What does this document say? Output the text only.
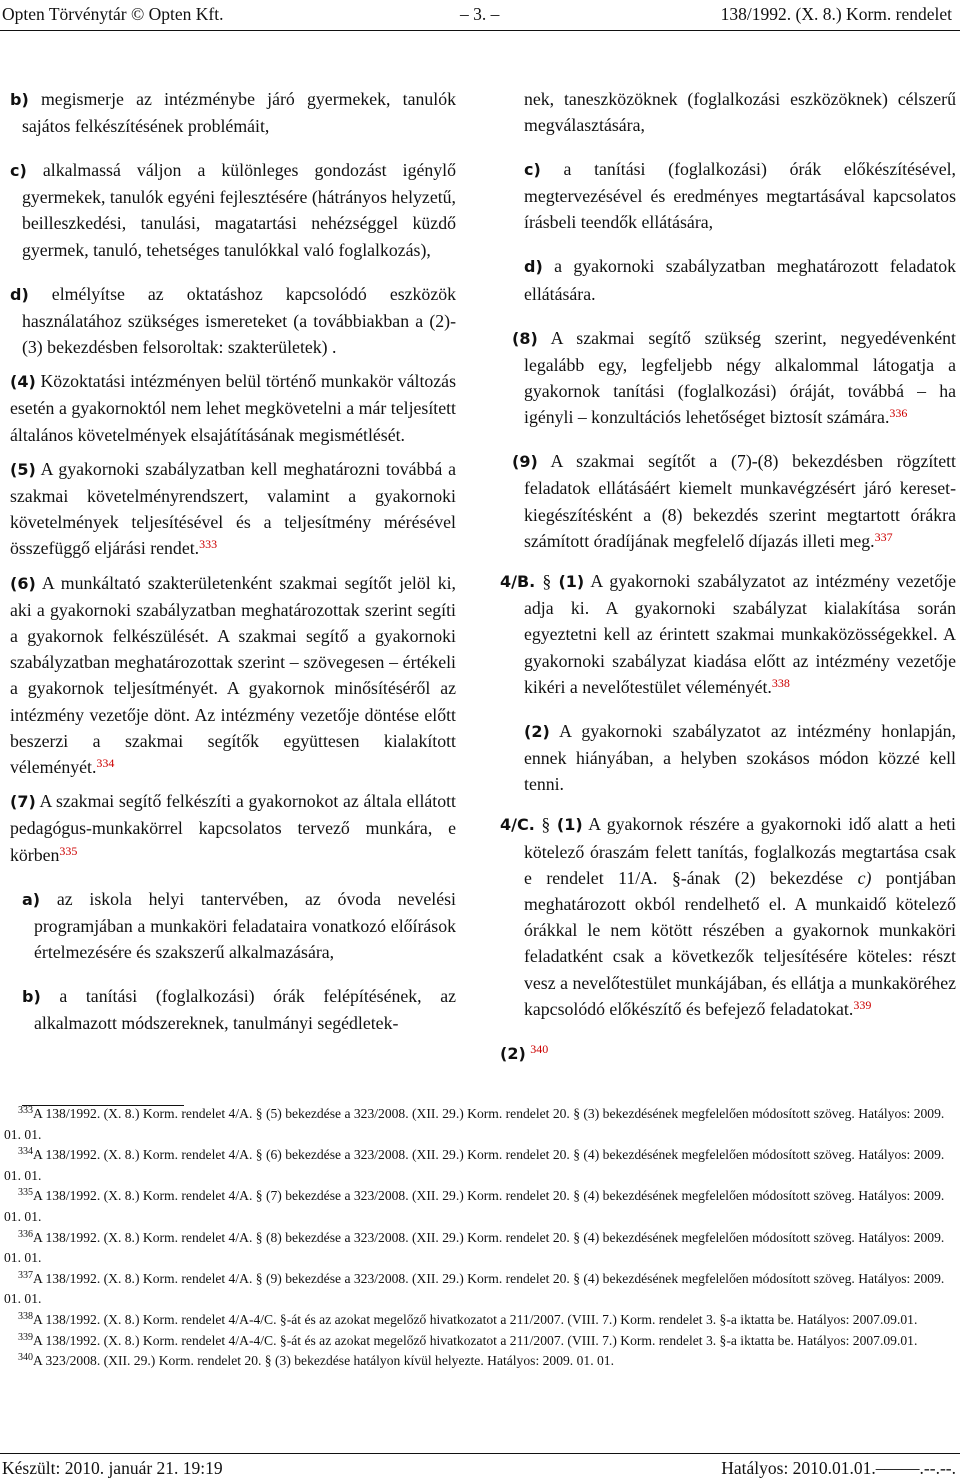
Opten Törvénytár © Opten Kft.	– 3. –	138/1992. (X. 8.) Korm. rendelet

b) megismerje az intézménybe járó gyermekek, tanulók sajátos felkészítésének problémáit,

c) alkalmassá váljon a különleges gondozást igénylő gyermekek, tanulók egyéni fejlesztésére (hátrányos helyzetű, beilleszkedési, tanulási, magatartási nehézséggel küzdő gyermek, tanuló, tehetséges tanulókkal való foglalkozás),

d) elmélyítse az oktatáshoz kapcsolódó eszközök használatához szükséges ismereteket (a továbbiakban a (2)-(3) bekezdésben felsoroltak: szakterületek) .

(4) Közoktatási intézményen belül történő munkakör változás esetén a gyakornoktól nem lehet megkövetelni a már teljesített általános követelmények elsajátításának megismétlését.

(5) A gyakornoki szabályzatban kell meghatározni továbbá a szakmai követelményrendszert, valamint a gyakornoki követelmények teljesítésével és a teljesítmény mérésével összefüggő eljárási rendet.$^{333}$

(6) A munkáltató szakterületenként szakmai segítőt jelöl ki, aki a gyakornoki szabályzatban meghatározottak szerint segíti a gyakornok felkészülését. A szakmai segítő a gyakornoki szabályzatban meghatározottak szerint – szövegesen – értékeli a gyakornok teljesítményét. A gyakornok minősítéséről az intézmény vezetője dönt. Az intézmény vezetője döntése előtt beszerzi a szakmai segítők együttesen kialakított véleményét.$^{334}$

(7) A szakmai segítő felkészíti a gyakornokot az általa ellátott pedagógus-munkakörrel kapcsolatos tervező munkára, e körben$^{335}$

a) az iskola helyi tantervében, az óvoda nevelési programjában a munkaköri feladataira vonatkozó előírások értelmezésére és szakszerű alkalmazására,

b) a tanítási (foglalkozási) órák felépítésének, az alkalmazott módszereknek, tanulmányi segédletek-

nek, taneszközöknek (foglalkozási eszközöknek) célszerű megválasztására,

c) a tanítási (foglalkozási) órák előkészítésével, megtervezésével és eredményes megtartásával kapcsolatos írásbeli teendők ellátására,

d) a gyakornoki szabályzatban meghatározott feladatok ellátására.

(8) A szakmai segítő szükség szerint, negyedévenként legalább egy, legfeljebb négy alkalommal látogatja a gyakornok tanítási (foglalkozási) óráját, továbbá – ha igényli – konzultációs lehetőséget biztosít számára.$^{336}$

(9) A szakmai segítőt a (7)-(8) bekezdésben rögzített feladatok ellátásáért kiemelt munkavégzésért járó kereset-kiegészítésként a (8) bekezdés szerint megtartott órákra számított óradíjának megfelelő díjazás illeti meg.$^{337}$

4/B. § (1) A gyakornoki szabályzatot az intézmény vezetője adja ki. A gyakornoki szabályzat kialakítása során egyeztetni kell az érintett szakmai munkaközösségekkel. A gyakornoki szabályzat kiadása előtt az intézmény vezetője kikéri a nevelőtestület véleményét.$^{338}$

(2) A gyakornoki szabályzatot az intézmény honlapján, ennek hiányában, a helyben szokásos módon közzé kell tenni.

4/C. § (1) A gyakornok részére a gyakornoki idő alatt a heti kötelező óraszám felett tanítás, foglalkozás megtartása csak e rendelet 11/A. §-ának (2) bekezdése c) pontjában meghatározott okból rendelhető el. A munkaidő kötelező órákkal le nem kötött részében a gyakornok munkaköri feladatként csak a következők teljesítésére köteles: részt vesz a nevelőtestület munkájában, és ellátja a munkaköréhez kapcsolódó előkészítő és befejező feladatokat.$^{339}$

(2) $^{340}$

$^{333}$A 138/1992. (X. 8.) Korm. rendelet 4/A. § (5) bekezdése a 323/2008. (XII. 29.) Korm. rendelet 20. § (3) bekezdésének megfelelően módosított szöveg. Hatályos: 2009. 01. 01.

$^{334}$A 138/1992. (X. 8.) Korm. rendelet 4/A. § (6) bekezdése a 323/2008. (XII. 29.) Korm. rendelet 20. § (4) bekezdésének megfelelően módosított szöveg. Hatályos: 2009. 01. 01.

$^{335}$A 138/1992. (X. 8.) Korm. rendelet 4/A. § (7) bekezdése a 323/2008. (XII. 29.) Korm. rendelet 20. § (4) bekezdésének megfelelően módosított szöveg. Hatályos: 2009. 01. 01.

$^{336}$A 138/1992. (X. 8.) Korm. rendelet 4/A. § (8) bekezdése a 323/2008. (XII. 29.) Korm. rendelet 20. § (4) bekezdésének megfelelően módosított szöveg. Hatályos: 2009. 01. 01.

$^{337}$A 138/1992. (X. 8.) Korm. rendelet 4/A. § (9) bekezdése a 323/2008. (XII. 29.) Korm. rendelet 20. § (4) bekezdésének megfelelően módosított szöveg. Hatályos: 2009. 01. 01.

$^{338}$A 138/1992. (X. 8.) Korm. rendelet 4/A-4/C. §-át és az azokat megelőző hivatkozatot a 211/2007. (VIII. 7.) Korm. rendelet 3. §-a iktatta be. Hatályos: 2007.09.01.

$^{339}$A 138/1992. (X. 8.) Korm. rendelet 4/A-4/C. §-át és az azokat megelőző hivatkozatot a 211/2007. (VIII. 7.) Korm. rendelet 3. §-a iktatta be. Hatályos: 2007.09.01.

$^{340}$A 323/2008. (XII. 29.) Korm. rendelet 20. § (3) bekezdése hatályon kívül helyezte. Hatályos: 2009. 01. 01.

Készült: 2010. január 21. 19:19	Hatályos: 2010.01.01.–––––.--.--.
